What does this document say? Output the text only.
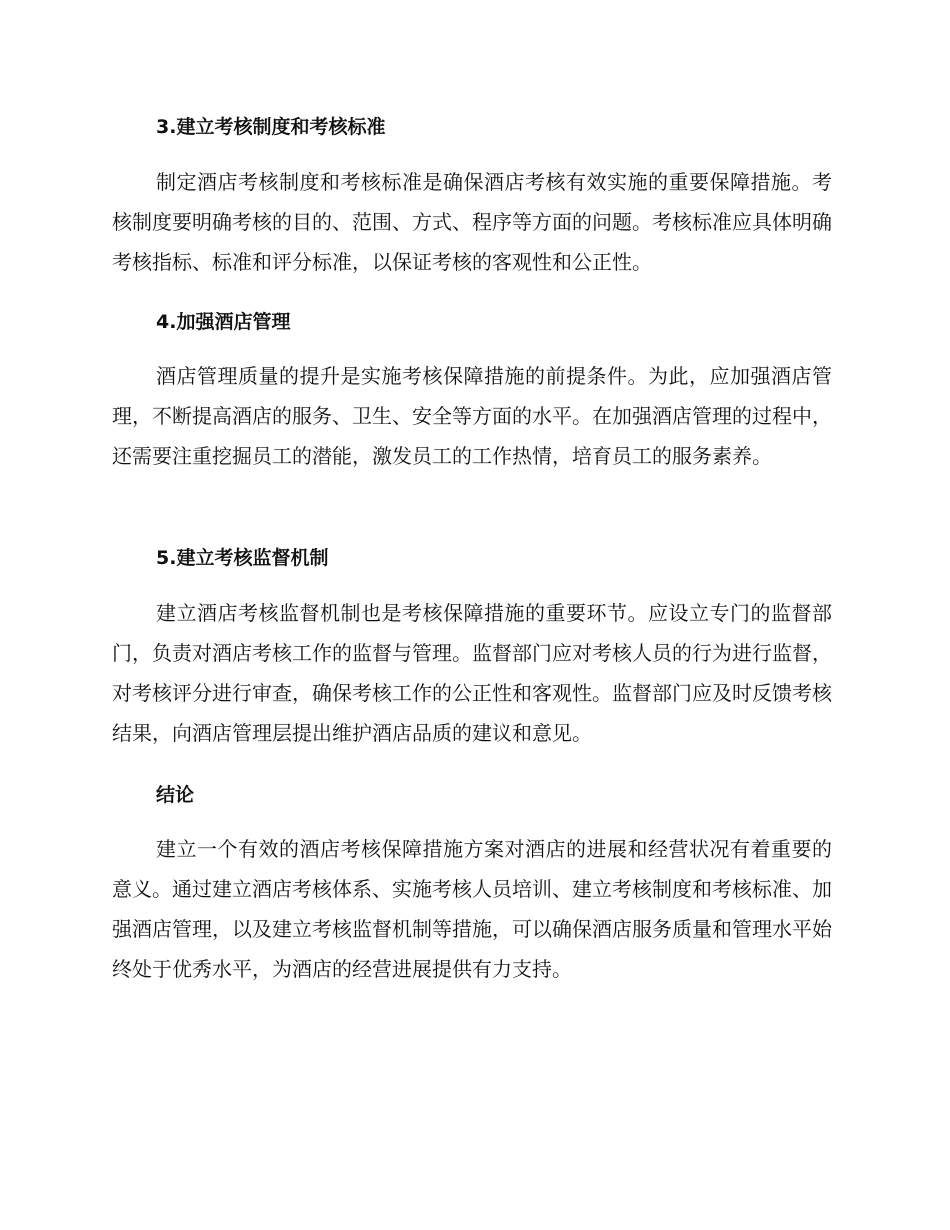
3.建立考核制度和考核标准

制定酒店考核制度和考核标准是确保酒店考核有效实施的重要保障措施。考核制度要明确考核的目的、范围、方式、程序等方面的问题。考核标准应具体明确考核指标、标准和评分标准，以保证考核的客观性和公正性。

4.加强酒店管理

酒店管理质量的提升是实施考核保障措施的前提条件。为此，应加强酒店管理，不断提高酒店的服务、卫生、安全等方面的水平。在加强酒店管理的过程中，还需要注重挖掘员工的潜能，激发员工的工作热情，培育员工的服务素养。

5.建立考核监督机制

建立酒店考核监督机制也是考核保障措施的重要环节。应设立专门的监督部门，负责对酒店考核工作的监督与管理。监督部门应对考核人员的行为进行监督，对考核评分进行审查，确保考核工作的公正性和客观性。监督部门应及时反馈考核结果，向酒店管理层提出维护酒店品质的建议和意见。

结论

建立一个有效的酒店考核保障措施方案对酒店的进展和经营状况有着重要的意义。通过建立酒店考核体系、实施考核人员培训、建立考核制度和考核标准、加强酒店管理，以及建立考核监督机制等措施，可以确保酒店服务质量和管理水平始终处于优秀水平，为酒店的经营进展提供有力支持。
